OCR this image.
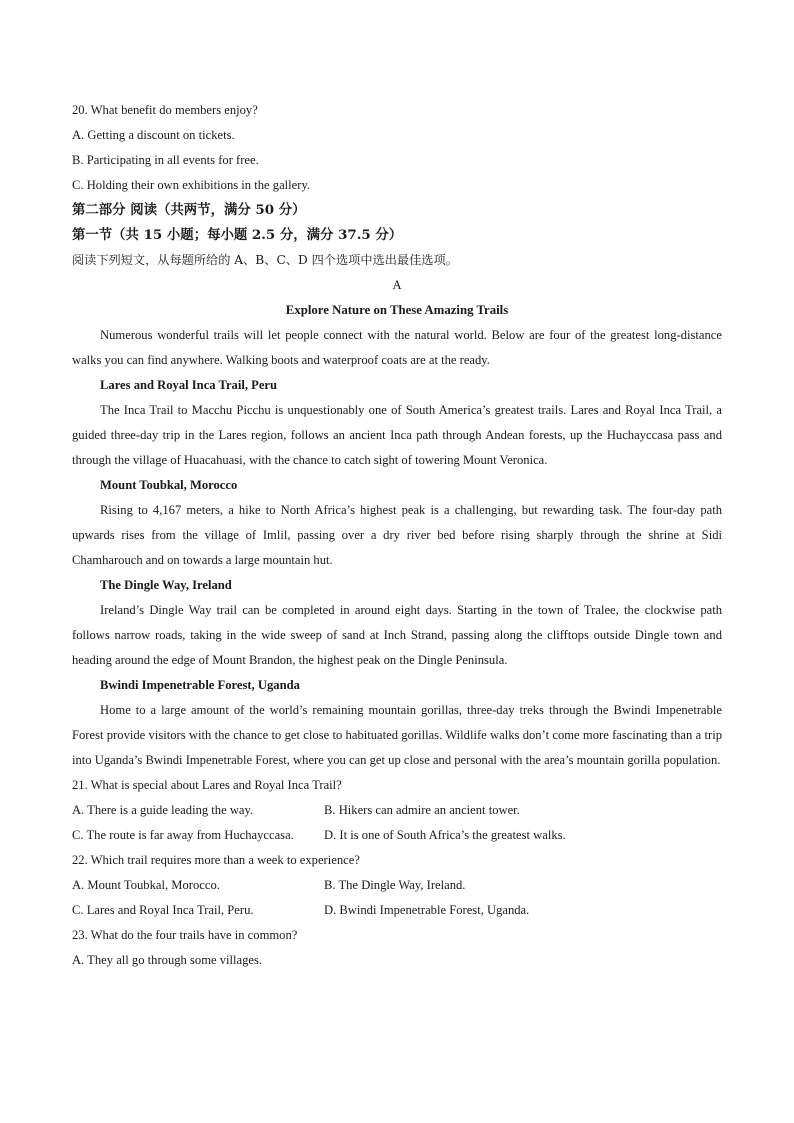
20. What benefit do members enjoy?
A. Getting a discount on tickets.
B. Participating in all events for free.
C. Holding their own exhibitions in the gallery.
第二部分 阅读（共两节，满分 50 分）
第一节（共 15 小题；每小题 2.5 分，满分 37.5 分）
阅读下列短文，从每题所给的 A、B、C、D 四个选项中选出最佳选项。
A
Explore Nature on These Amazing Trails
Numerous wonderful trails will let people connect with the natural world. Below are four of the greatest long-distance walks you can find anywhere. Walking boots and waterproof coats are at the ready.
Lares and Royal Inca Trail, Peru
The Inca Trail to Macchu Picchu is unquestionably one of South America’s greatest trails. Lares and Royal Inca Trail, a guided three-day trip in the Lares region, follows an ancient Inca path through Andean forests, up the Huchayccasa pass and through the village of Huacahuasi, with the chance to catch sight of towering Mount Veronica.
Mount Toubkal, Morocco
Rising to 4,167 meters, a hike to North Africa’s highest peak is a challenging, but rewarding task. The four-day path upwards rises from the village of Imlil, passing over a dry river bed before rising sharply through the shrine at Sidi Chamharouch and on towards a large mountain hut.
The Dingle Way, Ireland
Ireland’s Dingle Way trail can be completed in around eight days. Starting in the town of Tralee, the clockwise path follows narrow roads, taking in the wide sweep of sand at Inch Strand, passing along the clifftops outside Dingle town and heading around the edge of Mount Brandon, the highest peak on the Dingle Peninsula.
Bwindi Impenetrable Forest, Uganda
Home to a large amount of the world’s remaining mountain gorillas, three-day treks through the Bwindi Impenetrable Forest provide visitors with the chance to get close to habituated gorillas. Wildlife walks don’t come more fascinating than a trip into Uganda’s Bwindi Impenetrable Forest, where you can get up close and personal with the area’s mountain gorilla population.
21. What is special about Lares and Royal Inca Trail?
A. There is a guide leading the way.	B. Hikers can admire an ancient tower.
C. The route is far away from Huchayccasa.	D. It is one of South Africa’s the greatest walks.
22. Which trail requires more than a week to experience?
A. Mount Toubkal, Morocco.	B. The Dingle Way, Ireland.
C. Lares and Royal Inca Trail, Peru.	D. Bwindi Impenetrable Forest, Uganda.
23. What do the four trails have in common?
A. They all go through some villages.
